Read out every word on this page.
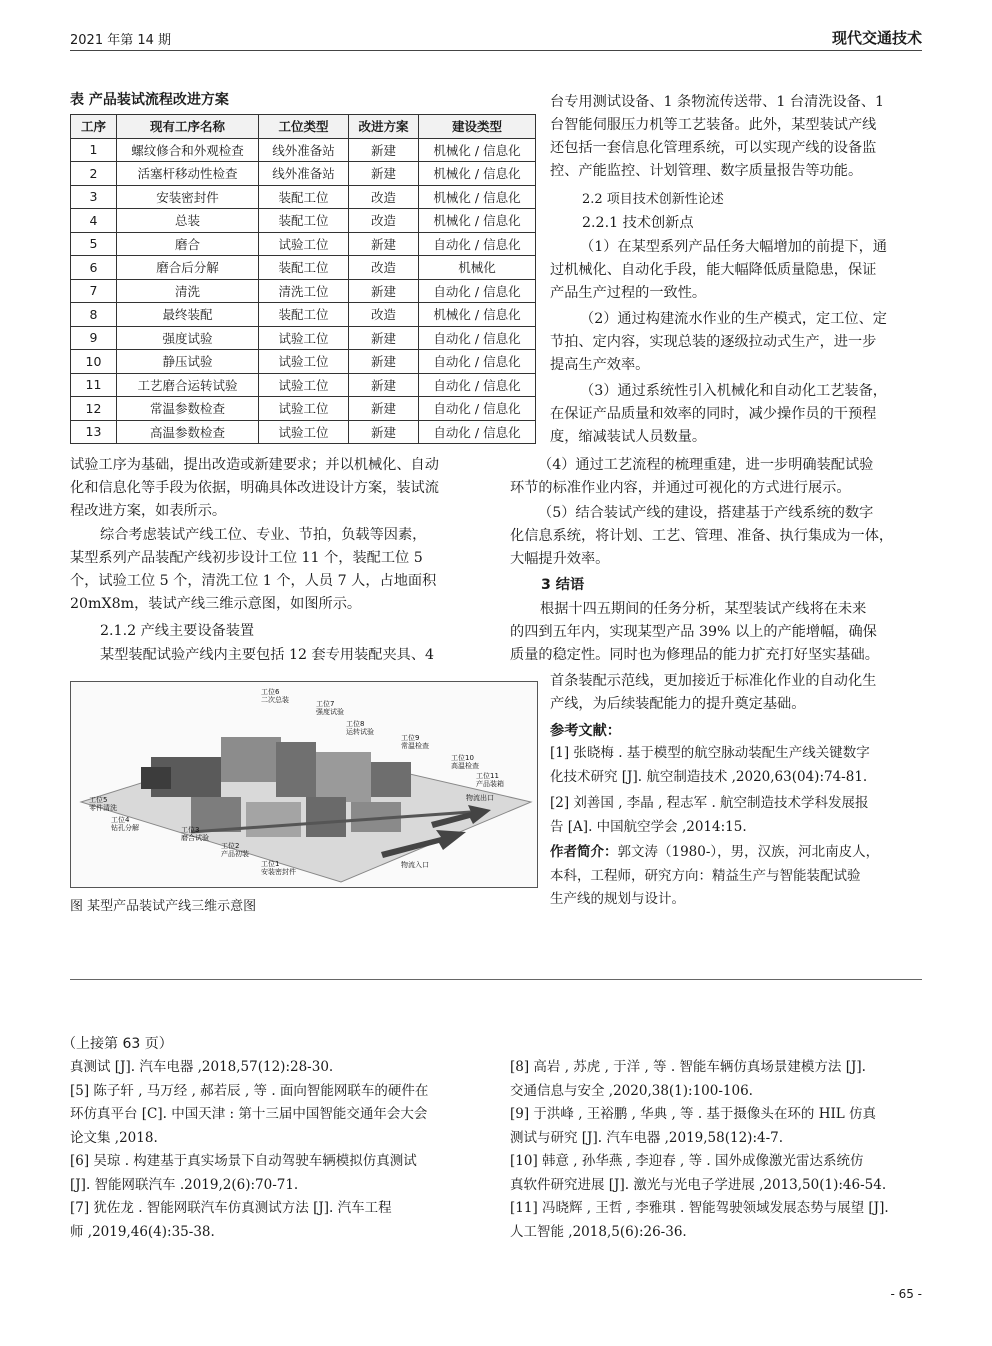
2021 年第 14 期	现代交通技术
表 产品装试流程改进方案
工序	现有工序名称	工位类型	改进方案	建设类型
1	螺纹修合和外观检查	线外准备站	新建	机械化 / 信息化
2	活塞杆移动性检查	线外准备站	新建	机械化 / 信息化
3	安装密封件	装配工位	改造	机械化 / 信息化
4	总装	装配工位	改造	机械化 / 信息化
5	磨合	试验工位	新建	自动化 / 信息化
6	磨合后分解	装配工位	改造	机械化
7	清洗	清洗工位	新建	自动化 / 信息化
8	最终装配	装配工位	改造	机械化 / 信息化
9	强度试验	试验工位	新建	自动化 / 信息化
10	静压试验	试验工位	新建	自动化 / 信息化
11	工艺磨合运转试验	试验工位	新建	自动化 / 信息化
12	常温参数检查	试验工位	新建	自动化 / 信息化
13	高温参数检查	试验工位	新建	自动化 / 信息化
试验工序为基础，提出改造或新建要求；并以机械化、自动
化和信息化等手段为依据，明确具体改进设计方案，装试流
程改进方案，如表所示。
综合考虑装试产线工位、专业、节拍，负载等因素，
某型系列产品装配产线初步设计工位 11 个，装配工位 5
个，试验工位 5 个，清洗工位 1 个，人员 7 人，占地面积
20mX8m，装试产线三维示意图，如图所示。
2.1.2 产线主要设备装置
某型装配试验产线内主要包括 12 套专用装配夹具、4
工位6
二次总装	工位7
强度试验
工位8
运转试验
工位9
常温检查
工位10
高温检查
工位11
产品装箱
工位5
零件清洗
工位4
钻孔分解	工位3
磨合试验
工位2
产品初装
工位1
安装密封件
物流出口
物流入口
图 某型产品装试产线三维示意图
台专用测试设备、1 条物流传送带、1 台清洗设备、1
台智能伺服压力机等工艺装备。此外，某型装试产线
还包括一套信息化管理系统，可以实现产线的设备监
控、产能监控、计划管理、数字质量报告等功能。
2.2 项目技术创新性论述
2.2.1 技术创新点
（1）在某型系列产品任务大幅增加的前提下，通
过机械化、自动化手段，能大幅降低质量隐患，保证
产品生产过程的一致性。
（2）通过构建流水作业的生产模式，定工位、定
节拍、定内容，实现总装的逐级拉动式生产，进一步
提高生产效率。
（3）通过系统性引入机械化和自动化工艺装备，
在保证产品质量和效率的同时，减少操作员的干预程
度，缩减装试人员数量。
（4）通过工艺流程的梳理重建，进一步明确装配试验
环节的标准作业内容，并通过可视化的方式进行展示。
（5）结合装试产线的建设，搭建基于产线系统的数字
化信息系统，将计划、工艺、管理、准备、执行集成为一体，
大幅提升效率。
3 结语
根据十四五期间的任务分析，某型装试产线将在未来
的四到五年内，实现某型产品 39% 以上的产能增幅，确保
质量的稳定性。同时也为修理品的能力扩充打好坚实基础。
首条装配示范线，更加接近于标准化作业的自动化生
产线，为后续装配能力的提升奠定基础。
参考文献：
[1] 张晓梅 . 基于模型的航空脉动装配生产线关键数字
化技术研究 [J]. 航空制造技术 ,2020,63(04):74-81.
[2] 刘善国 , 李晶 , 程志军 . 航空制造技术学科发展报
告 [A]. 中国航空学会 ,2014:15.
作者简介：郭文涛（1980-），男，汉族，河北南皮人，
本科，工程师，研究方向：精益生产与智能装配试验
生产线的规划与设计。
（上接第 63 页）
真测试 [J]. 汽车电器 ,2018,57(12):28-30.
[5] 陈子轩 , 马万经 , 郝若辰 , 等 . 面向智能网联车的硬件在
环仿真平台 [C]. 中国天津 : 第十三届中国智能交通年会大会
论文集 ,2018.
[6] 吴琼 . 构建基于真实场景下自动驾驶车辆模拟仿真测试
[J]. 智能网联汽车 .2019,2(6):70-71.
[7] 犹佐龙 . 智能网联汽车仿真测试方法 [J]. 汽车工程
师 ,2019,46(4):35-38.
[8] 高岩 , 苏虎 , 于洋 , 等 . 智能车辆仿真场景建模方法 [J].
交通信息与安全 ,2020,38(1):100-106.
[9] 于洪峰 , 王裕鹏 , 华典 , 等 . 基于摄像头在环的 HIL 仿真
测试与研究 [J]. 汽车电器 ,2019,58(12):4-7.
[10] 韩意 , 孙华燕 , 李迎春 , 等 . 国外成像激光雷达系统仿
真软件研究进展 [J]. 激光与光电子学进展 ,2013,50(1):46-54.
[11] 冯晓辉 , 王哲 , 李雅琪 . 智能驾驶领域发展态势与展望 [J].
人工智能 ,2018,5(6):26-36.
- 65 -
